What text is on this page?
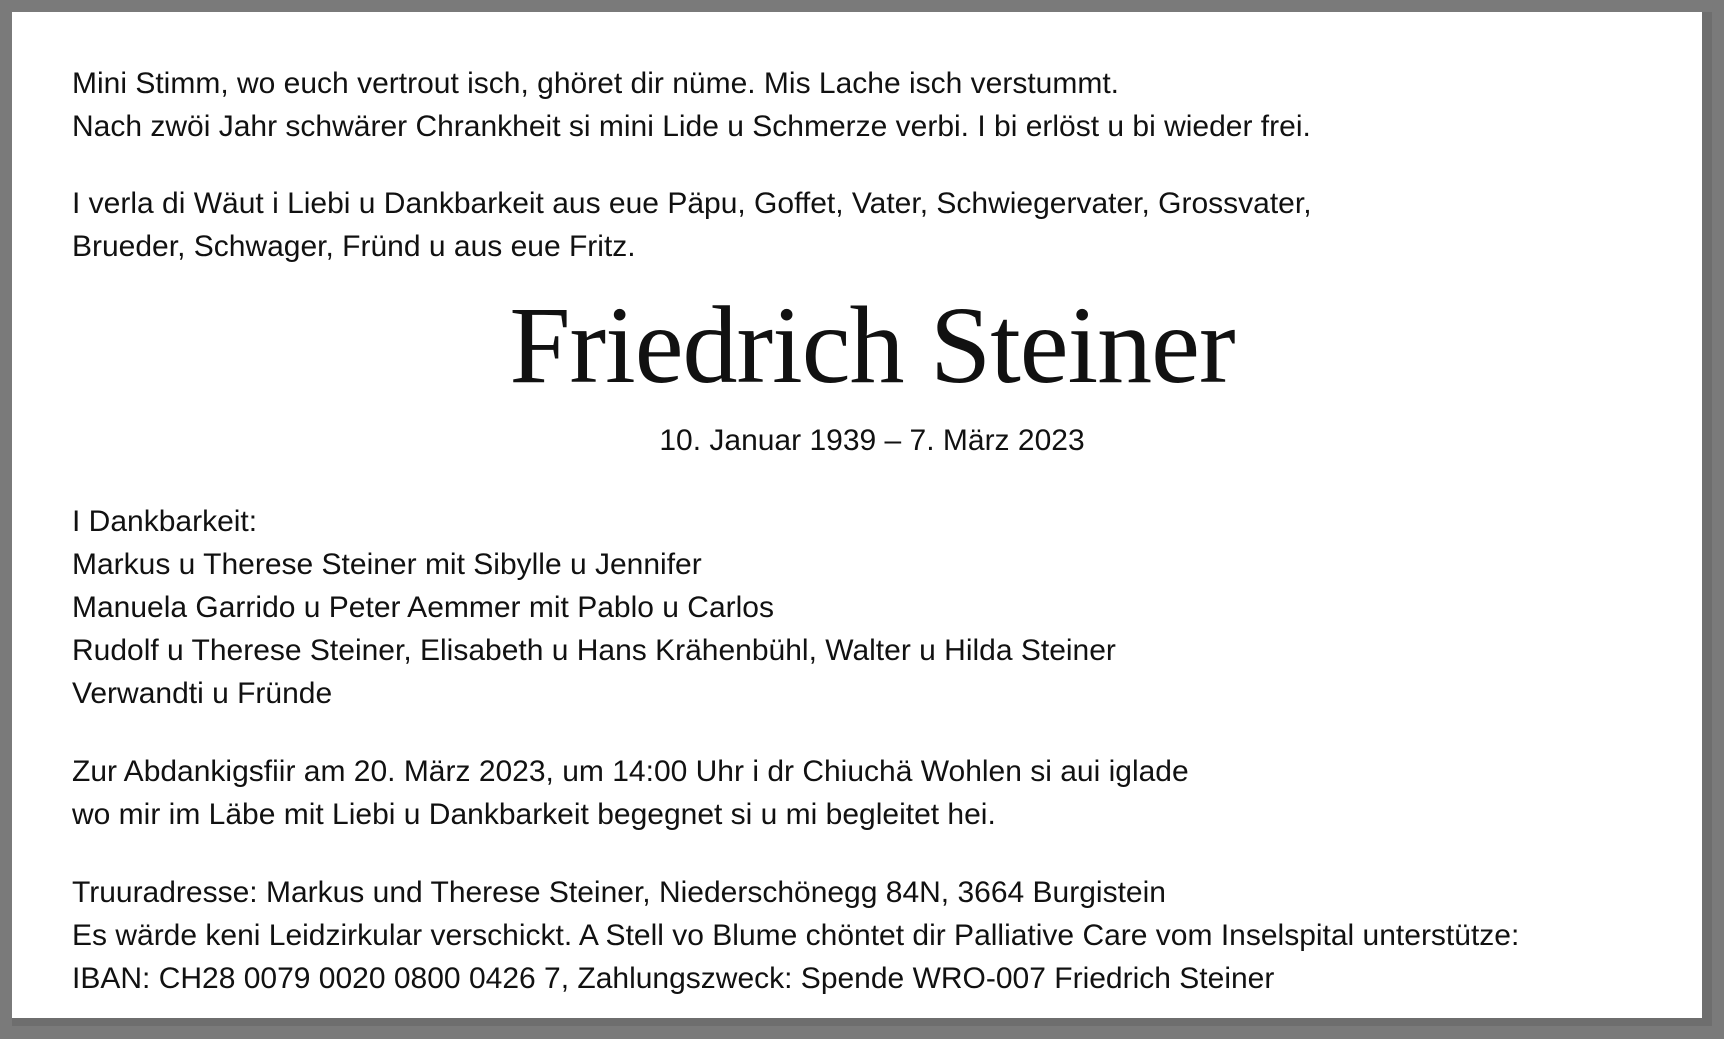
Mini Stimm, wo euch vertrout isch, ghöret dir nüme. Mis Lache isch verstummt.
Nach zwöi Jahr schwärer Chrankheit si mini Lide u Schmerze verbi. I bi erlöst u bi wieder frei.

I verla di Wäut i Liebi u Dankbarkeit aus eue Päpu, Goffet, Vater, Schwiegervater, Grossvater,
Brueder, Schwager, Fründ u aus eue Fritz.

Friedrich Steiner
10. Januar 1939 – 7. März 2023

I Dankbarkeit:
Markus u Therese Steiner mit Sibylle u Jennifer
Manuela Garrido u Peter Aemmer mit Pablo u Carlos
Rudolf u Therese Steiner, Elisabeth u Hans Krähenbühl, Walter u Hilda Steiner
Verwandti u Fründe

Zur Abdankigsfiir am 20. März 2023, um 14:00 Uhr i dr Chiuchä Wohlen si aui iglade
wo mir im Läbe mit Liebi u Dankbarkeit begegnet si u mi begleitet hei.

Truuradresse: Markus und Therese Steiner, Niederschönegg 84N, 3664 Burgistein
Es wärde keni Leidzirkular verschickt. A Stell vo Blume chöntet dir Palliative Care vom Inselspital unterstütze:
IBAN: CH28 0079 0020 0800 0426 7, Zahlungszweck: Spende WRO-007 Friedrich Steiner
